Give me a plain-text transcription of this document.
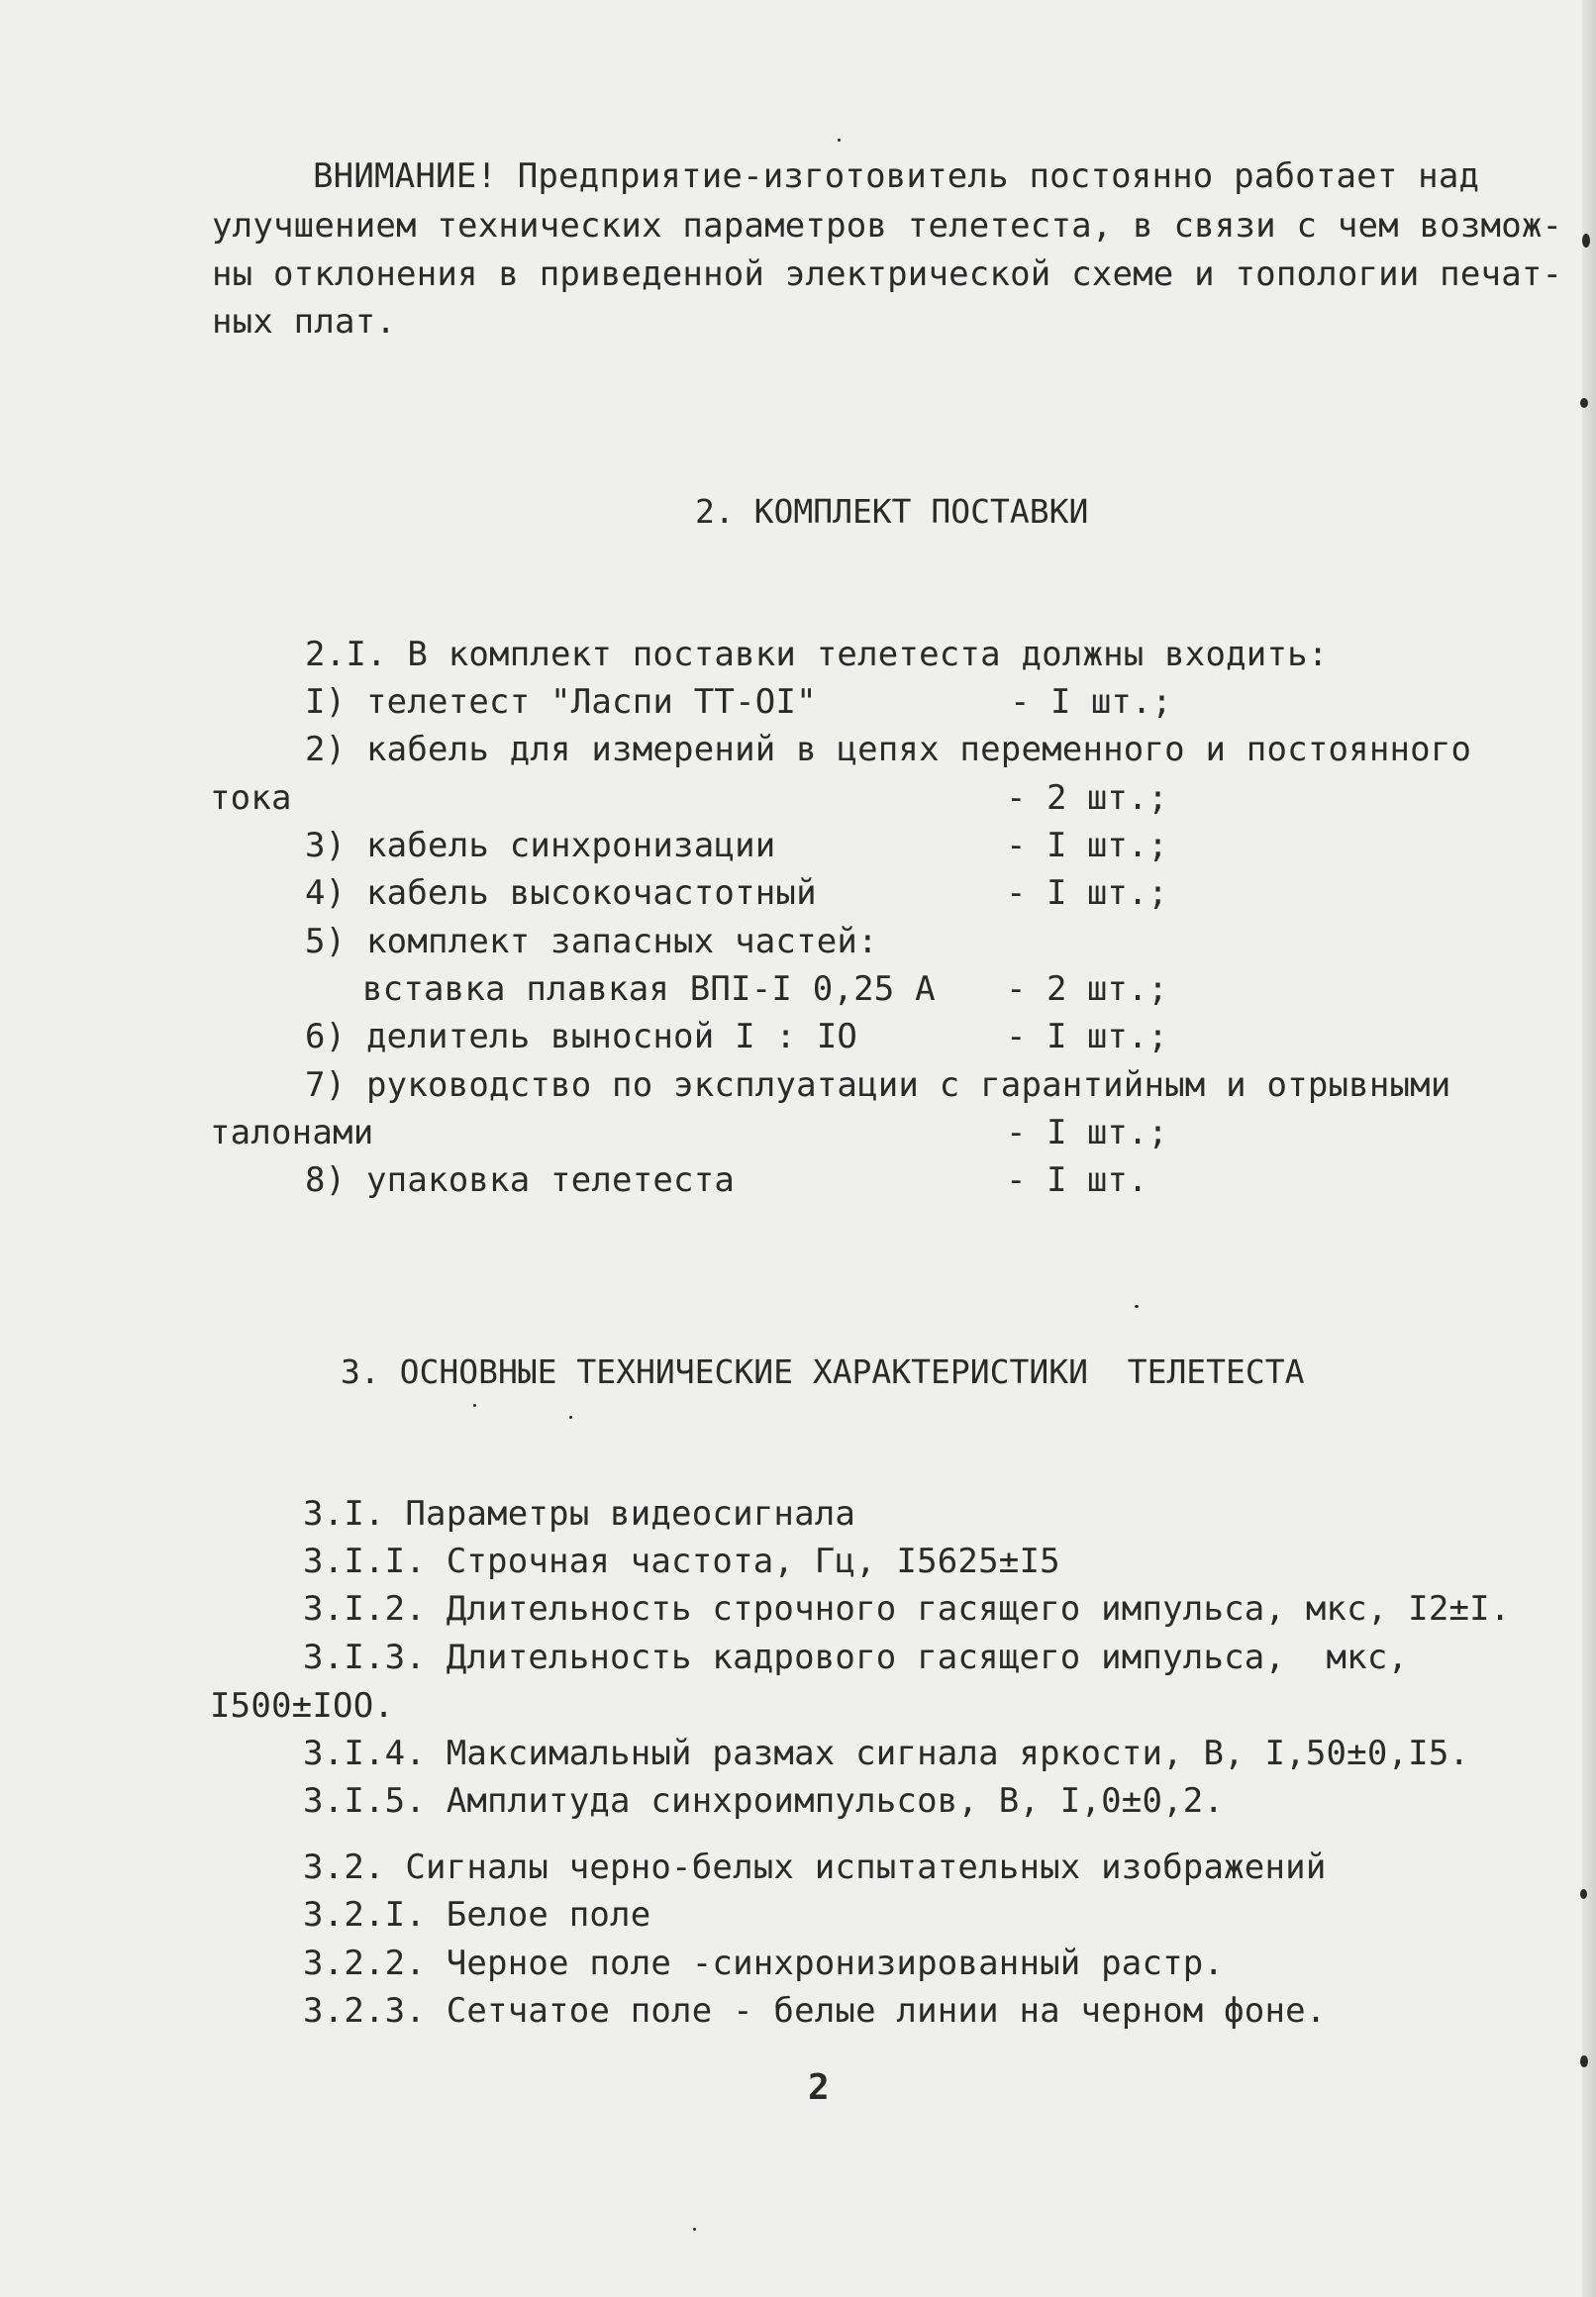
ВНИМАНИЕ! Предприятие-изготовитель постоянно работает над
улучшением технических параметров телетеста, в связи с чем возмож-
ны отклонения в приведенной электрической схеме и топологии печат-
ных плат.
2. КОМПЛЕКТ ПОСТАВКИ
2.I. В комплект поставки телетеста должны входить:
I) телетест "Ласпи ТТ-OI"	- I шт.;
2) кабель для измерений в цепях переменного и постоянного
тока	- 2 шт.;
3) кабель синхронизации	- I шт.;
4) кабель высокочастотный	- I шт.;
5) комплект запасных частей:
вставка плавкая ВПI-I 0,25 А - 2 шт.;
6) делитель выносной I : IO	- I шт.;
7) руководство по эксплуатации с гарантийным и отрывными
талонами	- I шт.;
8) упаковка телетеста	- I шт.
3. ОСНОВНЫЕ ТЕХНИЧЕСКИЕ ХАРАКТЕРИСТИКИ  ТЕЛЕТЕСТА
3.I. Параметры видеосигнала
3.I.I. Строчная частота, Гц, I5625±I5
3.I.2. Длительность строчного гасящего импульса, мкс, I2±I.
3.I.3. Длительность кадрового гасящего импульса,  мкс,
I500±IOO.
3.I.4. Максимальный размах сигнала яркости, В, I,50±0,I5.
3.I.5. Амплитуда синхроимпульсов, В, I,0±0,2.
3.2. Сигналы черно-белых испытательных изображений
3.2.I. Белое поле
3.2.2. Черное поле -синхронизированный растр.
3.2.3. Сетчатое поле - белые линии на черном фоне.
2
